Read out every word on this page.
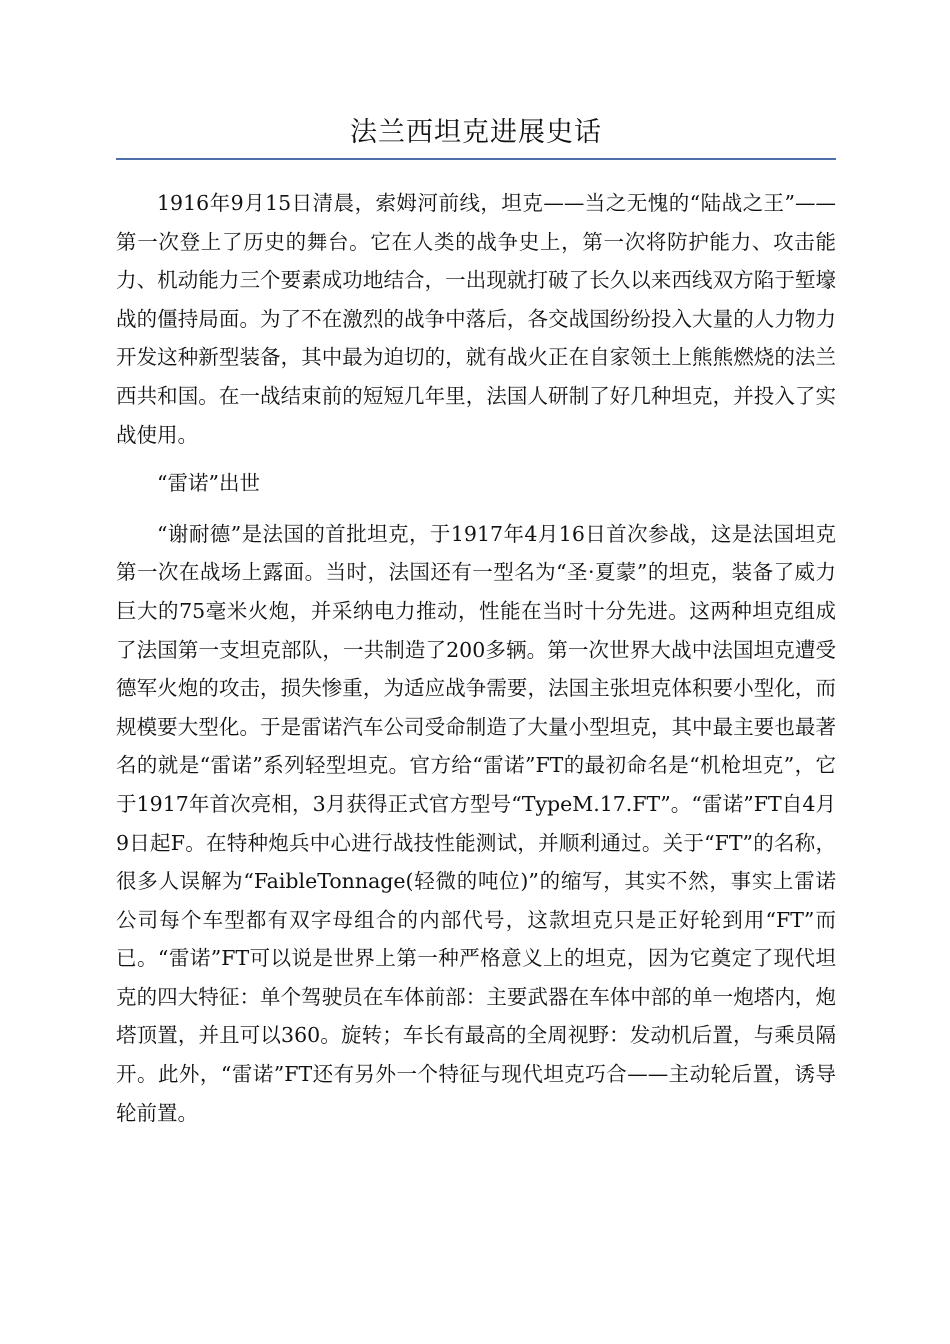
法兰西坦克进展史话

1916年9月15日清晨，索姆河前线，坦克——当之无愧的“陆战之王”——第一次登上了历史的舞台。它在人类的战争史上，第一次将防护能力、攻击能力、机动能力三个要素成功地结合，一出现就打破了长久以来西线双方陷于堑壕战的僵持局面。为了不在激烈的战争中落后，各交战国纷纷投入大量的人力物力开发这种新型装备，其中最为迫切的，就有战火正在自家领土上熊熊燃烧的法兰西共和国。在一战结束前的短短几年里，法国人研制了好几种坦克，并投入了实战使用。

“雷诺”出世

“谢耐德”是法国的首批坦克，于1917年4月16日首次参战，这是法国坦克第一次在战场上露面。当时，法国还有一型名为“圣·夏蒙”的坦克，装备了威力巨大的75毫米火炮，并采纳电力推动，性能在当时十分先进。这两种坦克组成了法国第一支坦克部队，一共制造了200多辆。第一次世界大战中法国坦克遭受德军火炮的攻击，损失惨重，为适应战争需要，法国主张坦克体积要小型化，而规模要大型化。于是雷诺汽车公司受命制造了大量小型坦克，其中最主要也最著名的就是“雷诺”系列轻型坦克。官方给“雷诺”FT的最初命名是“机枪坦克”，它于1917年首次亮相，3月获得正式官方型号“TypeM.17.FT”。“雷诺”FT自4月9日起F。在特种炮兵中心进行战技性能测试，并顺利通过。关于“FT”的名称，很多人误解为“FaibleTonnage(轻微的吨位)”的缩写，其实不然，事实上雷诺公司每个车型都有双字母组合的内部代号，这款坦克只是正好轮到用“FT”而已。“雷诺”FT可以说是世界上第一种严格意义上的坦克，因为它奠定了现代坦克的四大特征：单个驾驶员在车体前部：主要武器在车体中部的单一炮塔内，炮塔顶置，并且可以360。旋转；车长有最高的全周视野：发动机后置，与乘员隔开。此外，“雷诺”FT还有另外一个特征与现代坦克巧合——主动轮后置，诱导轮前置。
